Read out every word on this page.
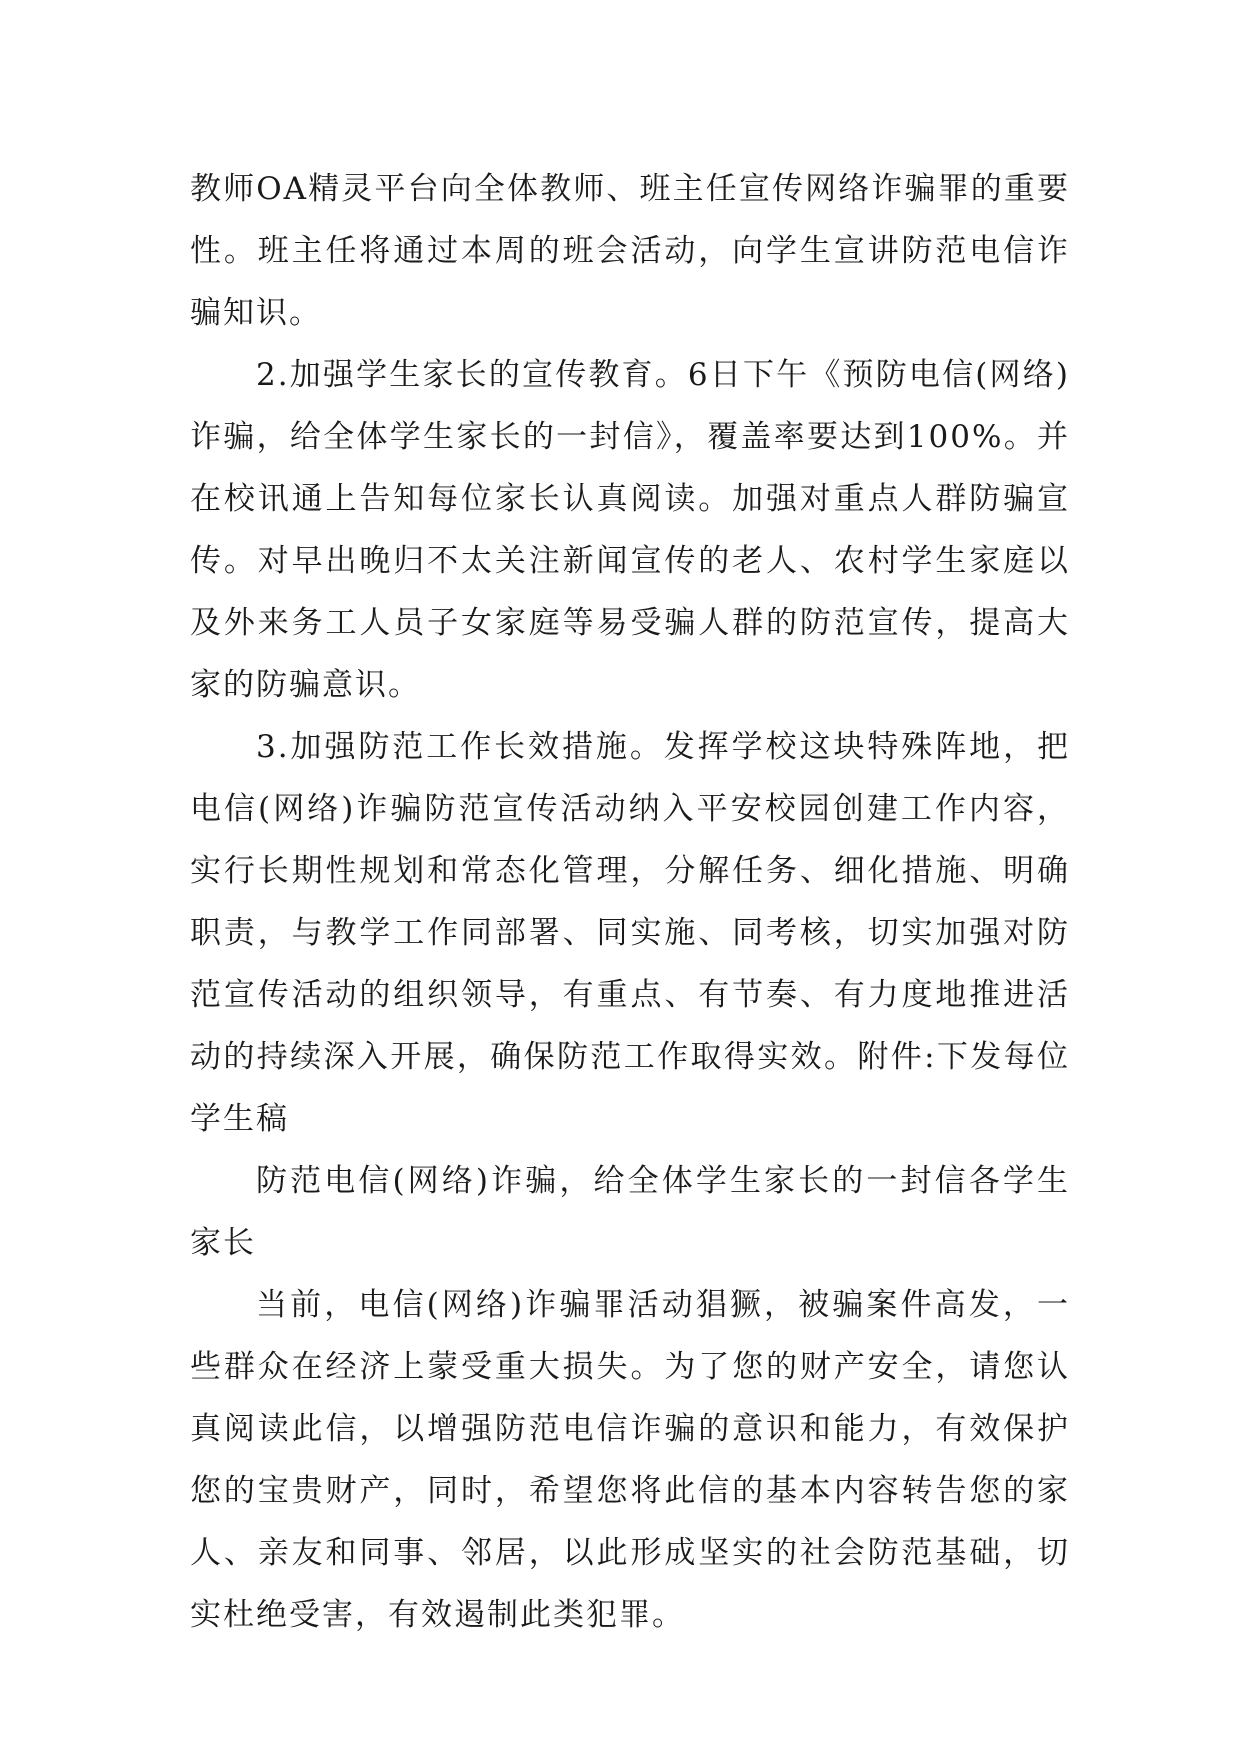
教师OA精灵平台向全体教师、班主任宣传网络诈骗罪的重要性。班主任将通过本周的班会活动，向学生宣讲防范电信诈骗知识。

2.加强学生家长的宣传教育。6日下午《预防电信(网络)诈骗，给全体学生家长的一封信》，覆盖率要达到100%。并在校讯通上告知每位家长认真阅读。加强对重点人群防骗宣传。对早出晚归不太关注新闻宣传的老人、农村学生家庭以及外来务工人员子女家庭等易受骗人群的防范宣传，提高大家的防骗意识。

3.加强防范工作长效措施。发挥学校这块特殊阵地，把电信(网络)诈骗防范宣传活动纳入平安校园创建工作内容，实行长期性规划和常态化管理，分解任务、细化措施、明确职责，与教学工作同部署、同实施、同考核，切实加强对防范宣传活动的组织领导，有重点、有节奏、有力度地推进活动的持续深入开展，确保防范工作取得实效。附件:下发每位学生稿

防范电信(网络)诈骗，给全体学生家长的一封信各学生家长

当前，电信(网络)诈骗罪活动猖獗，被骗案件高发，一些群众在经济上蒙受重大损失。为了您的财产安全，请您认真阅读此信，以增强防范电信诈骗的意识和能力，有效保护您的宝贵财产，同时，希望您将此信的基本内容转告您的家人、亲友和同事、邻居，以此形成坚实的社会防范基础，切实杜绝受害，有效遏制此类犯罪。
